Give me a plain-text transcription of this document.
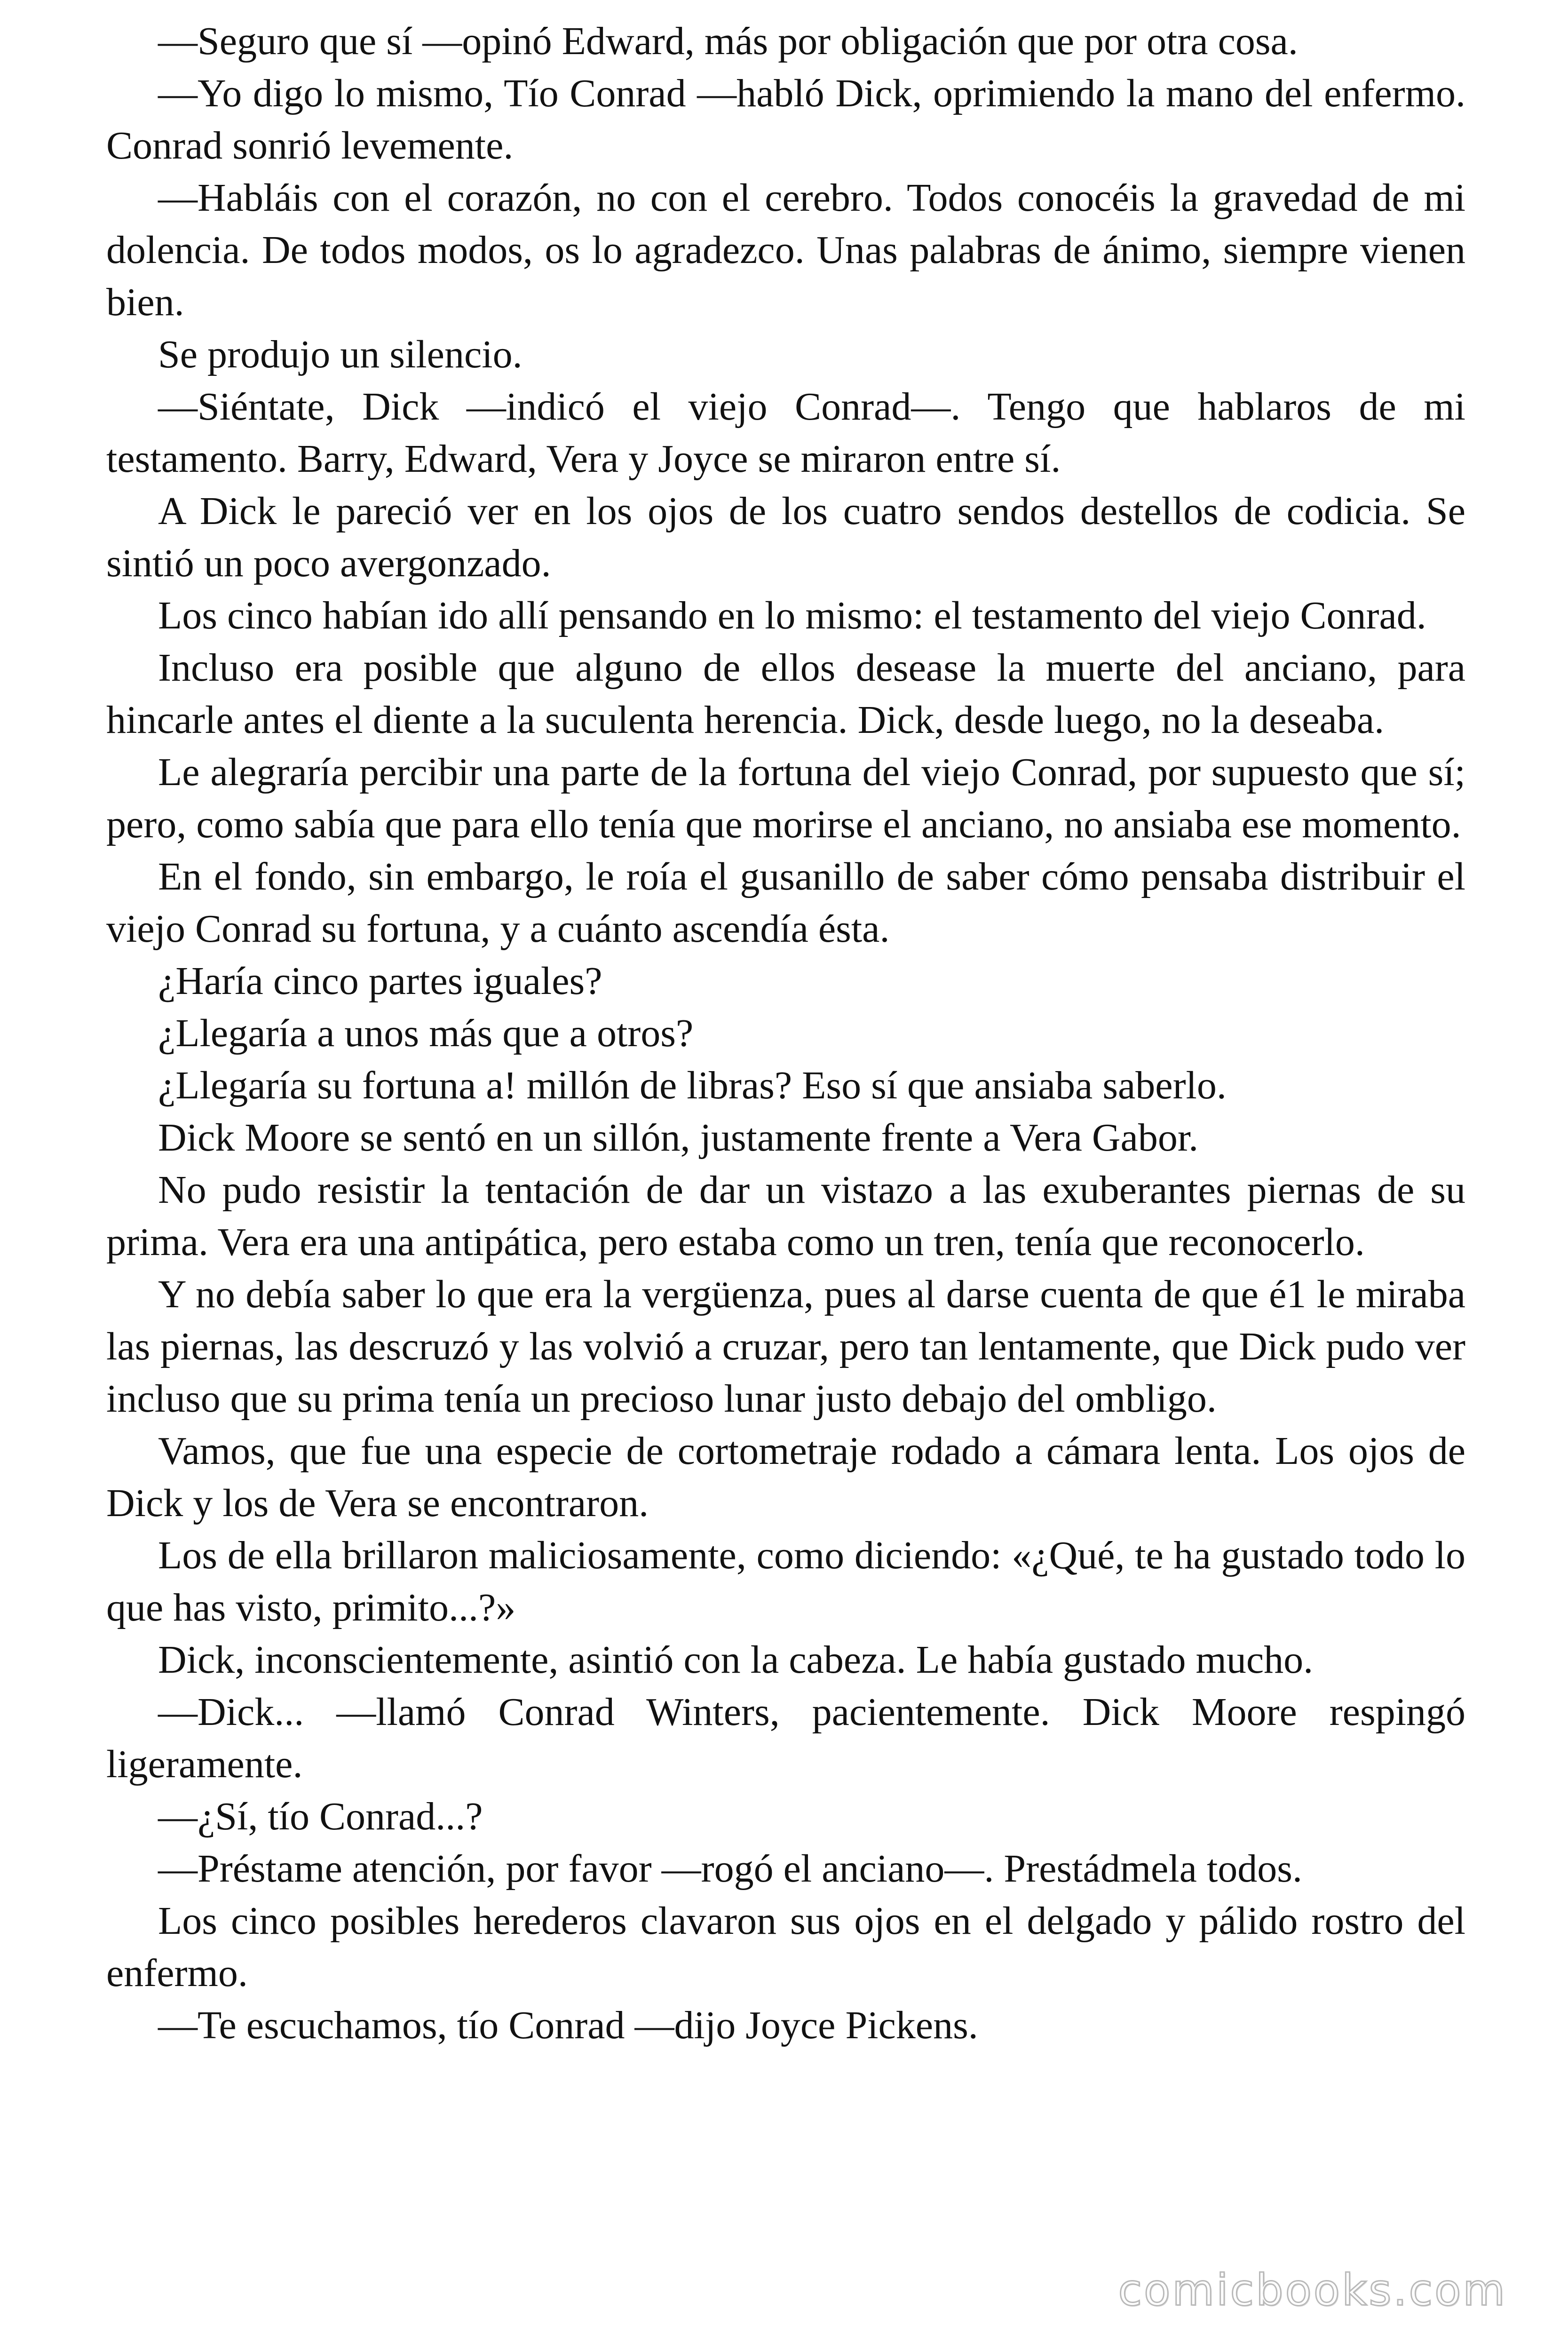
—Seguro que sí —opinó Edward, más por obligación que por otra cosa.

—Yo digo lo mismo, Tío Conrad —habló Dick, oprimiendo la mano del enfermo. Conrad sonrió levemente.

—Habláis con el corazón, no con el cerebro. Todos conocéis la gravedad de mi dolencia. De todos modos, os lo agradezco. Unas palabras de ánimo, siempre vienen bien.

Se produjo un silencio.

—Siéntate, Dick —indicó el viejo Conrad—. Tengo que hablaros de mi testamento. Barry, Edward, Vera y Joyce se miraron entre sí.

A Dick le pareció ver en los ojos de los cuatro sendos destellos de codicia. Se sintió un poco avergonzado.

Los cinco habían ido allí pensando en lo mismo: el testamento del viejo Conrad.

Incluso era posible que alguno de ellos desease la muerte del anciano, para hincarle antes el diente a la suculenta herencia. Dick, desde luego, no la deseaba.

Le alegraría percibir una parte de la fortuna del viejo Conrad, por supuesto que sí; pero, como sabía que para ello tenía que morirse el anciano, no ansiaba ese momento.

En el fondo, sin embargo, le roía el gusanillo de saber cómo pensaba distribuir el viejo Conrad su fortuna, y a cuánto ascendía ésta.

¿Haría cinco partes iguales?

¿Llegaría a unos más que a otros?

¿Llegaría su fortuna a! millón de libras? Eso sí que ansiaba saberlo.

Dick Moore se sentó en un sillón, justamente frente a Vera Gabor.

No pudo resistir la tentación de dar un vistazo a las exuberantes piernas de su prima. Vera era una antipática, pero estaba como un tren, tenía que reconocerlo.

Y no debía saber lo que era la vergüenza, pues al darse cuenta de que é1 le miraba las piernas, las descruzó y las volvió a cruzar, pero tan lentamente, que Dick pudo ver incluso que su prima tenía un precioso lunar justo debajo del ombligo.

Vamos, que fue una especie de cortometraje rodado a cámara lenta. Los ojos de Dick y los de Vera se encontraron.

Los de ella brillaron maliciosamente, como diciendo: «¿Qué, te ha gustado todo lo que has visto, primito...?»

Dick, inconscientemente, asintió con la cabeza. Le había gustado mucho.

—Dick... —llamó Conrad Winters, pacientemente. Dick Moore respingó ligeramente.

—¿Sí, tío Conrad...?

—Préstame atención, por favor —rogó el anciano—. Prestádmela todos.

Los cinco posibles herederos clavaron sus ojos en el delgado y pálido rostro del enfermo.

—Te escuchamos, tío Conrad —dijo Joyce Pickens.

comicbooks.com
